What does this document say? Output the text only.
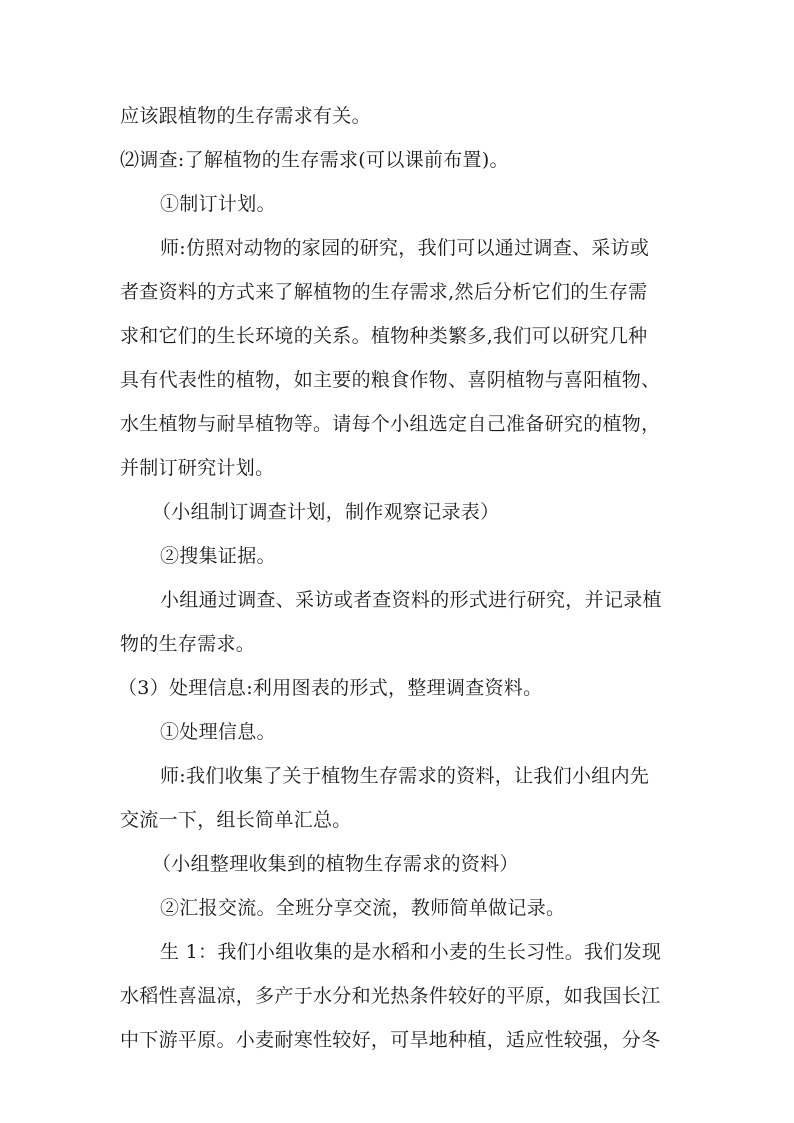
应该跟植物的生存需求有关。
⑵调查:了解植物的生存需求(可以课前布置)。
①制订计划。
师:仿照对动物的家园的研究，我们可以通过调查、采访或
者查资料的方式来了解植物的生存需求,然后分析它们的生存需
求和它们的生长环境的关系。植物种类繁多,我们可以研究几种
具有代表性的植物，如主要的粮食作物、喜阴植物与喜阳植物、
水生植物与耐旱植物等。请每个小组选定自己准备研究的植物，
并制订研究计划。
（小组制订调查计划，制作观察记录表）
②搜集证据。
小组通过调查、采访或者查资料的形式进行研究，并记录植
物的生存需求。
（3）处理信息:利用图表的形式，整理调查资料。
①处理信息。
师:我们收集了关于植物生存需求的资料，让我们小组内先
交流一下，组长简单汇总。
（小组整理收集到的植物生存需求的资料）
②汇报交流。全班分享交流，教师简单做记录。
生 1：我们小组收集的是水稻和小麦的生长习性。我们发现
水稻性喜温凉，多产于水分和光热条件较好的平原，如我国长江
中下游平原。小麦耐寒性较好，可旱地种植，适应性较强，分冬
